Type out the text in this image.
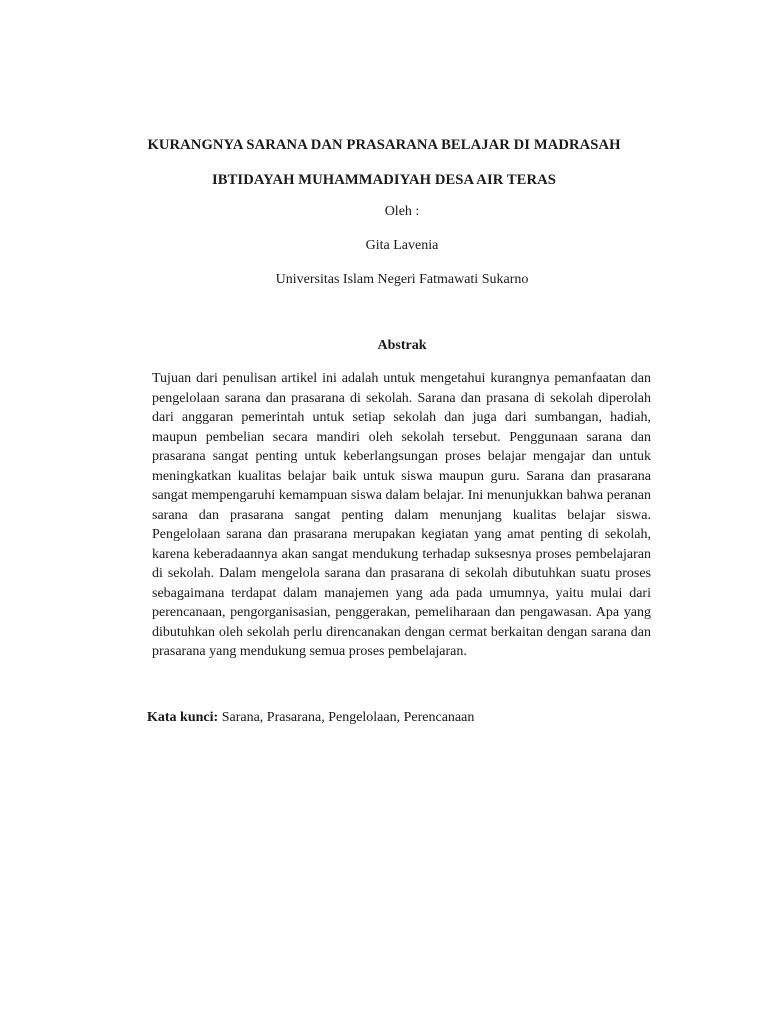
KURANGNYA SARANA DAN PRASARANA BELAJAR DI MADRASAH

IBTIDAYAH MUHAMMADIYAH DESA AIR TERAS

Oleh :

Gita Lavenia

Universitas Islam Negeri Fatmawati Sukarno

Abstrak

Tujuan dari penulisan artikel ini adalah untuk mengetahui kurangnya pemanfaatan dan pengelolaan sarana dan prasarana di sekolah. Sarana dan prasana di sekolah diperolah dari anggaran pemerintah untuk setiap sekolah dan juga dari sumbangan, hadiah, maupun pembelian secara mandiri oleh sekolah tersebut. Penggunaan sarana dan prasarana sangat penting untuk keberlangsungan proses belajar mengajar dan untuk meningkatkan kualitas belajar baik untuk siswa maupun guru. Sarana dan prasarana sangat mempengaruhi kemampuan siswa dalam belajar. Ini menunjukkan bahwa peranan sarana dan prasarana sangat penting dalam menunjang kualitas belajar siswa. Pengelolaan sarana dan prasarana merupakan kegiatan yang amat penting di sekolah, karena keberadaannya akan sangat mendukung terhadap suksesnya proses pembelajaran di sekolah. Dalam mengelola sarana dan prasarana di sekolah dibutuhkan suatu proses sebagaimana terdapat dalam manajemen yang ada pada umumnya, yaitu mulai dari perencanaan, pengorganisasian, penggerakan, pemeliharaan dan pengawasan. Apa yang dibutuhkan oleh sekolah perlu direncanakan dengan cermat berkaitan dengan sarana dan prasarana yang mendukung semua proses pembelajaran.

Kata kunci: Sarana, Prasarana, Pengelolaan, Perencanaan
